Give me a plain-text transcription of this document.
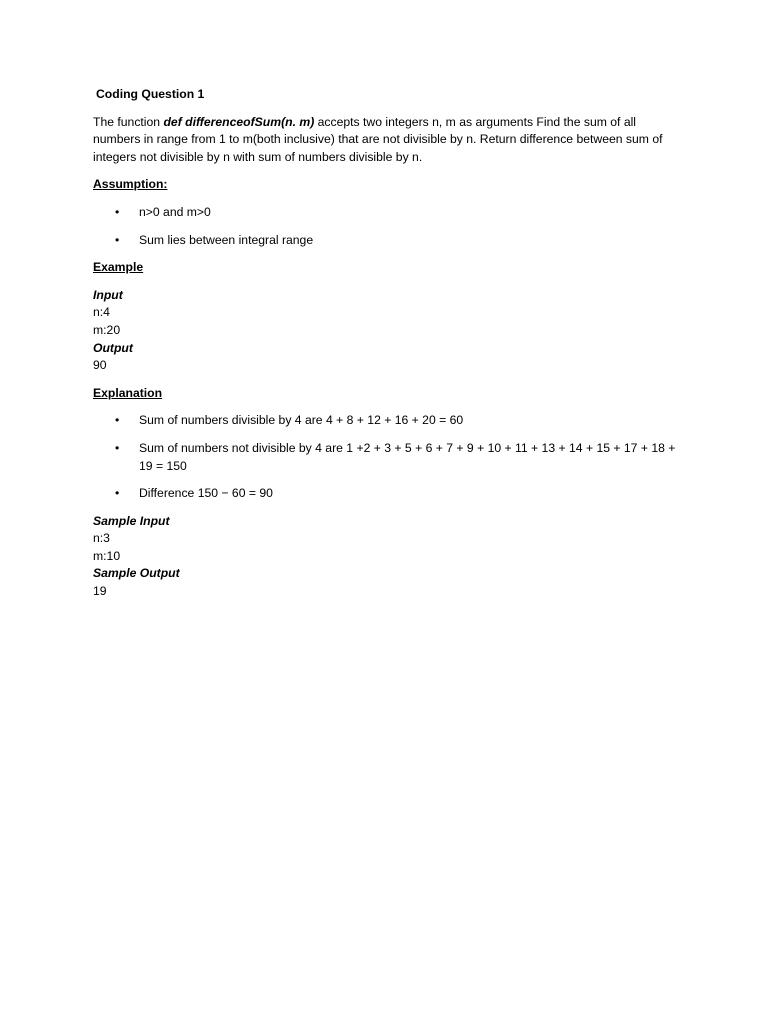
Coding Question 1

The function def differenceofSum(n. m) accepts two integers n, m as arguments Find the sum of all numbers in range from 1 to m(both inclusive) that are not divisible by n. Return difference between sum of integers not divisible by n with sum of numbers divisible by n.

Assumption:

• n>0 and m>0
• Sum lies between integral range

Example

Input

n:4

m:20

Output

90

Explanation

• Sum of numbers divisible by 4 are 4 + 8 + 12 + 16 + 20 = 60
• Sum of numbers not divisible by 4 are 1 +2 + 3 + 5 + 6 + 7 + 9 + 10 + 11 + 13 + 14 + 15 + 17 + 18 + 19 = 150
• Difference 150 − 60 = 90

Sample Input

n:3

m:10

Sample Output

19
